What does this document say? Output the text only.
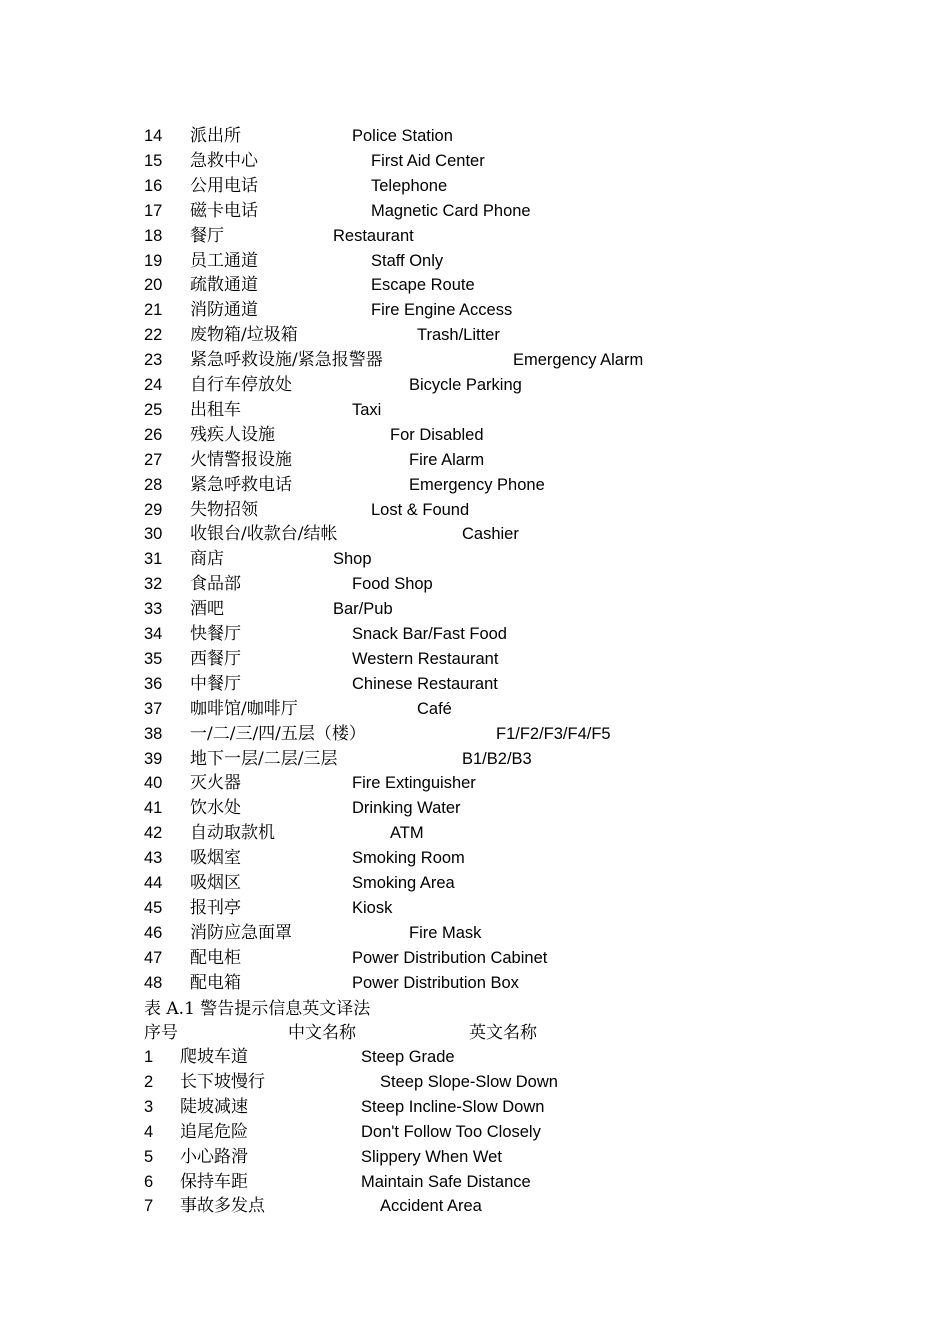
14 派出所	Police Station
15 急救中心	First Aid Center
16 公用电话	Telephone
17 磁卡电话	Magnetic Card Phone
18 餐厅	Restaurant
19 员工通道	Staff Only
20 疏散通道	Escape Route
21 消防通道	Fire Engine Access
22 废物箱/垃圾箱	Trash/Litter
23 紧急呼救设施/紧急报警器	Emergency Alarm
24 自行车停放处	Bicycle Parking
25 出租车	Taxi
26 残疾人设施	For Disabled
27 火情警报设施	Fire Alarm
28 紧急呼救电话	Emergency Phone
29 失物招领	Lost & Found
30 收银台/收款台/结帐	Cashier
31 商店	Shop
32 食品部	Food Shop
33 酒吧	Bar/Pub
34 快餐厅	Snack Bar/Fast Food
35 西餐厅	Western Restaurant
36 中餐厅	Chinese Restaurant
37 咖啡馆/咖啡厅	Café
38 一/二/三/四/五层（楼）	F1/F2/F3/F4/F5
39 地下一层/二层/三层	B1/B2/B3
40 灭火器	Fire Extinguisher
41 饮水处	Drinking Water
42 自动取款机	ATM
43 吸烟室	Smoking Room
44 吸烟区	Smoking Area
45 报刊亭	Kiosk
46 消防应急面罩	Fire Mask
47 配电柜	Power Distribution Cabinet
48 配电箱	Power Distribution Box
表 A.1 警告提示信息英文译法
序号	中文名称	英文名称
1 爬坡车道	Steep Grade
2 长下坡慢行	Steep Slope-Slow Down
3 陡坡减速	Steep Incline-Slow Down
4 追尾危险	Don't Follow Too Closely
5 小心路滑	Slippery When Wet
6 保持车距	Maintain Safe Distance
7 事故多发点	Accident Area
